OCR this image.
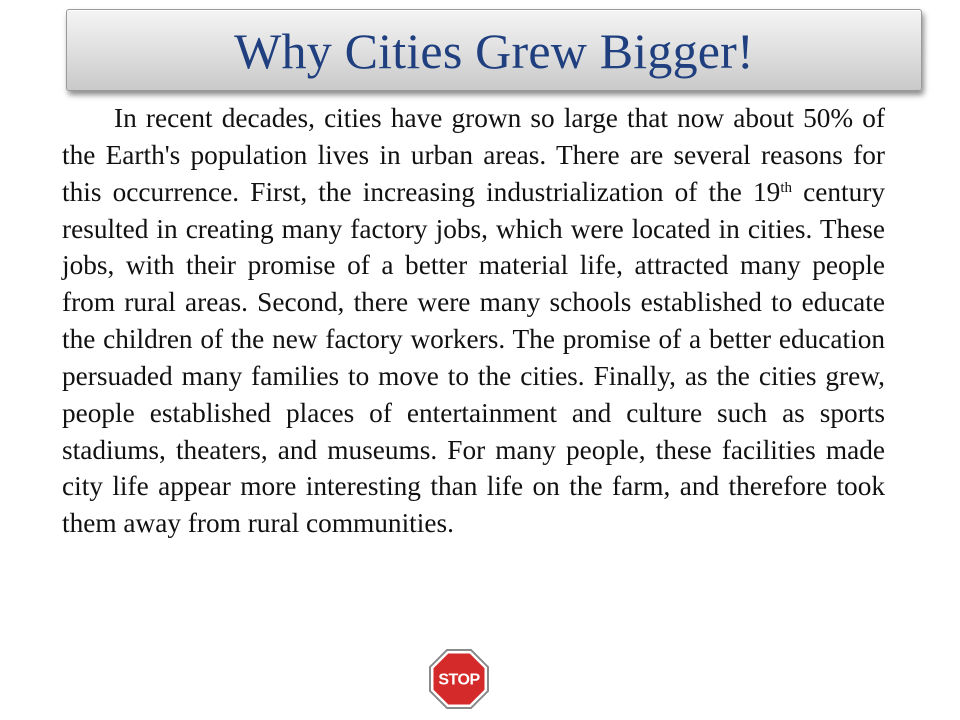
Why Cities Grew Bigger!

In recent decades, cities have grown so large that now about 50% of the Earth's population lives in urban areas. There are several reasons for this occurrence. First, the increasing industrialization of the 19th century resulted in creating many factory jobs, which were located in cities. These jobs, with their promise of a better material life, attracted many people from rural areas. Second, there were many schools established to educate the children of the new factory workers. The promise of a better education persuaded many families to move to the cities. Finally, as the cities grew, people established places of entertainment and culture such as sports stadiums, theaters, and museums. For many people, these facilities made city life appear more interesting than life on the farm, and therefore took them away from rural communities.

STOP
